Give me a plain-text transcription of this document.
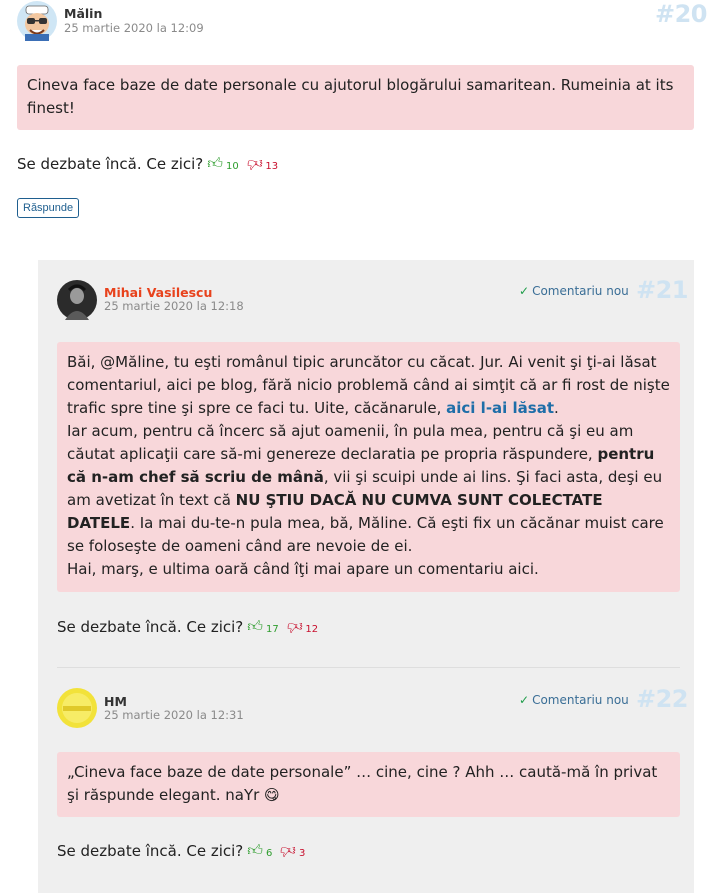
Mălin
25 martie 2020 la 12:09	#20
Cineva face baze de date personale cu ajutorul blogărului samaritean. Rumeinia at its finest!
Se dezbate încă. Ce zici? 👍︎ 10 👍︎ 13
Răspunde
Mihai Vasilescu
25 martie 2020 la 12:18
✓ Comentariu nou #21
Băi, @Măline, tu eşti românul tipic aruncător cu căcat. Jur. Ai venit şi ţi-ai lăsat comentariul, aici pe blog, fără nicio problemă când ai simţit că ar fi rost de nişte trafic spre tine şi spre ce faci tu. Uite, căcănarule, aici l-ai lăsat.
Iar acum, pentru că încerc să ajut oamenii, în pula mea, pentru că şi eu am căutat aplicaţii care să-mi genereze declaratia pe propria răspundere, pentru că n-am chef să scriu de mână, vii şi scuipi unde ai lins. Şi faci asta, deşi eu am avetizat în text că NU ŞTIU DACĂ NU CUMVA SUNT COLECTATE DATELE. Ia mai du-te-n pula mea, bă, Măline. Că eşti fix un căcănar muist care se foloseşte de oameni când are nevoie de ei.
Hai, marş, e ultima oară când îţi mai apare un comentariu aici.
Se dezbate încă. Ce zici? 👍︎ 17 👍︎ 12
HM
25 martie 2020 la 12:31
✓ Comentariu nou #22
„Cineva face baze de date personale” … cine, cine ? Ahh … caută-mă în privat şi răspunde elegant. naYr 😋
Se dezbate încă. Ce zici? 👍︎ 6 👍︎ 3
